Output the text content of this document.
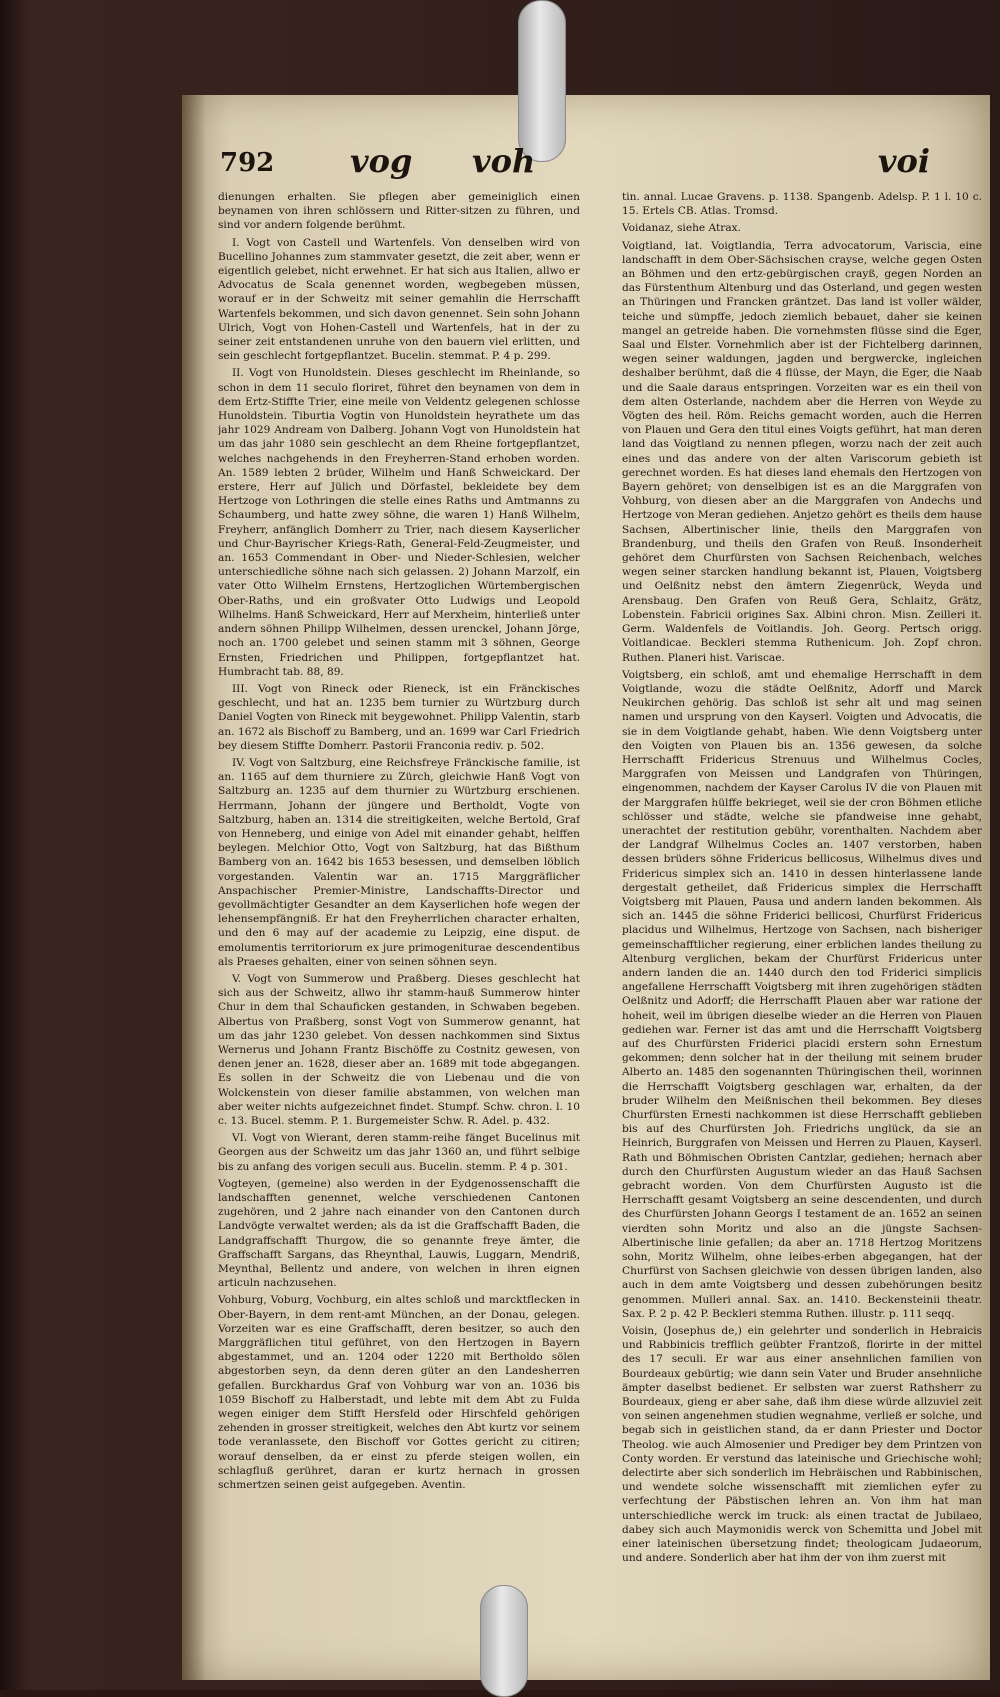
792 vog voh	voi

dienungen erhalten. Sie pflegen aber gemeiniglich einen beynamen von ihren schlössern und Ritter-sitzen zu führen, und sind vor andern folgende berühmt.

I. Vogt von Castell und Wartenfels. Von denselben wird von Bucellino Johannes zum stammvater gesetzt, die zeit aber, wenn er eigentlich gelebet, nicht erwehnet. Er hat sich aus Italien, allwo er Advocatus de Scala genennet worden, wegbegeben müssen, worauf er in der Schweitz mit seiner gemahlin die Herrschafft Wartenfels bekommen, und sich davon genennet. Sein sohn Johann Ulrich, Vogt von Hohen-Castell und Wartenfels, hat in der zu seiner zeit entstandenen unruhe von den bauern viel erlitten, und sein geschlecht fortgepflantzet. Bucelin. stemmat. P. 4 p. 299.

II. Vogt von Hunoldstein. Dieses geschlecht im Rheinlande, so schon in dem 11 seculo floriret, führet den beynamen von dem in dem Ertz-Stiffte Trier, eine meile von Veldentz gelegenen schlosse Hunoldstein. Tiburtia Vogtin von Hunoldstein heyrathete um das jahr 1029 Andream von Dalberg. Johann Vogt von Hunoldstein hat um das jahr 1080 sein geschlecht an dem Rheine fortgepflantzet, welches nachgehends in den Freyherren-Stand erhoben worden. An. 1589 lebten 2 brüder, Wilhelm und Hanß Schweickard. Der erstere, Herr auf Jülich und Dörfastel, bekleidete bey dem Hertzoge von Lothringen die stelle eines Raths und Amtmanns zu Schaumberg, und hatte zwey söhne, die waren 1) Hanß Wilhelm, Freyherr, anfänglich Domherr zu Trier, nach diesem Kayserlicher und Chur-Bayrischer Kriegs-Rath, General-Feld-Zeugmeister, und an. 1653 Commendant in Ober- und Nieder-Schlesien, welcher unterschiedliche söhne nach sich gelassen. 2) Johann Marzolf, ein vater Otto Wilhelm Ernstens, Hertzoglichen Würtembergischen Ober-Raths, und ein großvater Otto Ludwigs und Leopold Wilhelms. Hanß Schweickard, Herr auf Merxheim, hinterließ unter andern söhnen Philipp Wilhelmen, dessen urenckel, Johann Jörge, noch an. 1700 gelebet und seinen stamm mit 3 söhnen, George Ernsten, Friedrichen und Philippen, fortgepflantzet hat. Humbracht tab. 88, 89.

III. Vogt von Rineck oder Rieneck, ist ein Fränckisches geschlecht, und hat an. 1235 bem turnier zu Würtzburg durch Daniel Vogten von Rineck mit beygewohnet. Philipp Valentin, starb an. 1672 als Bischoff zu Bamberg, und an. 1699 war Carl Friedrich bey diesem Stiffte Domherr. Pastorii Franconia rediv. p. 502.

IV. Vogt von Saltzburg, eine Reichsfreye Fränckische familie, ist an. 1165 auf dem thurniere zu Zürch, gleichwie Hanß Vogt von Saltzburg an. 1235 auf dem thurnier zu Würtzburg erschienen. Herrmann, Johann der jüngere und Bertholdt, Vogte von Saltzburg, haben an. 1314 die streitigkeiten, welche Bertold, Graf von Henneberg, und einige von Adel mit einander gehabt, helffen beylegen. Melchior Otto, Vogt von Saltzburg, hat das Bißthum Bamberg von an. 1642 bis 1653 besessen, und demselben löblich vorgestanden. Valentin war an. 1715 Marggräflicher Anspachischer Premier-Ministre, Landschaffts-Director und gevollmächtigter Gesandter an dem Kayserlichen hofe wegen der lehensempfängniß. Er hat den Freyherrlichen character erhalten, und den 6 may auf der academie zu Leipzig, eine disput. de emolumentis territoriorum ex jure primogeniturae descendentibus als Praeses gehalten, einer von seinen söhnen seyn.

V. Vogt von Summerow und Praßberg. Dieses geschlecht hat sich aus der Schweitz, allwo ihr stamm-hauß Summerow hinter Chur in dem thal Schauficken gestanden, in Schwaben begeben. Albertus von Praßberg, sonst Vogt von Summerow genannt, hat um das jahr 1230 gelebet. Von dessen nachkommen sind Sixtus Wernerus und Johann Frantz Bischöffe zu Costnitz gewesen, von denen jener an. 1628, dieser aber an. 1689 mit tode abgegangen. Es sollen in der Schweitz die von Liebenau und die von Wolckenstein von dieser familie abstammen, von welchen man aber weiter nichts aufgezeichnet findet. Stumpf. Schw. chron. l. 10 c. 13. Bucel. stemm. P. 1. Burgemeister Schw. R. Adel. p. 432.

VI. Vogt von Wierant, deren stamm-reihe fänget Bucelinus mit Georgen aus der Schweitz um das jahr 1360 an, und führt selbige bis zu anfang des vorigen seculi aus. Bucelin. stemm. P. 4 p. 301.

Vogteyen, (gemeine) also werden in der Eydgenossenschafft die landschafften genennet, welche verschiedenen Cantonen zugehören, und 2 jahre nach einander von den Cantonen durch Landvögte verwaltet werden; als da ist die Graffschafft Baden, die Landgraffschafft Thurgow, die so genannte freye ämter, die Graffschafft Sargans, das Rheynthal, Lauwis, Luggarn, Mendriß, Meynthal, Bellentz und andere, von welchen in ihren eignen articuln nachzusehen.

Vohburg, Voburg, Vochburg, ein altes schloß und marcktflecken in Ober-Bayern, in dem rent-amt München, an der Donau, gelegen. Vorzeiten war es eine Graffschafft, deren besitzer, so auch den Marggräflichen titul geführet, von den Hertzogen in Bayern abgestammet, und an. 1204 oder 1220 mit Bertholdo sölen abgestorben seyn, da denn deren güter an den Landesherren gefallen. Burckhardus Graf von Vohburg war von an. 1036 bis 1059 Bischoff zu Halberstadt, und lebte mit dem Abt zu Fulda wegen einiger dem Stifft Hersfeld oder Hirschfeld gehörigen zehenden in grosser streitigkeit, welches den Abt kurtz vor seinem tode veranlassete, den Bischoff vor Gottes gericht zu citiren; worauf denselben, da er einst zu pferde steigen wollen, ein schlagfluß gerühret, daran er kurtz hernach in grossen schmertzen seinen geist aufgegeben. Aventin.

tin. annal. Lucae Gravens. p. 1138. Spangenb. Adelsp. P. 1 l. 10 c. 15. Ertels CB. Atlas. Tromsd.

Voidanaz, siehe Atrax.

Voigtland, lat. Voigtlandia, Terra advocatorum, Variscia, eine landschafft in dem Ober-Sächsischen crayse, welche gegen Osten an Böhmen und den ertz-gebürgischen crayß, gegen Norden an das Fürstenthum Altenburg und das Osterland, und gegen westen an Thüringen und Francken gräntzet. Das land ist voller wälder, teiche und sümpffe, jedoch ziemlich bebauet, daher sie keinen mangel an getreide haben. Die vornehmsten flüsse sind die Eger, Saal und Elster. Vornehmlich aber ist der Fichtelberg darinnen, wegen seiner waldungen, jagden und bergwercke, ingleichen deshalber berühmt, daß die 4 flüsse, der Mayn, die Eger, die Naab und die Saale daraus entspringen. Vorzeiten war es ein theil von dem alten Osterlande, nachdem aber die Herren von Weyde zu Vögten des heil. Röm. Reichs gemacht worden, auch die Herren von Plauen und Gera den titul eines Voigts geführt, hat man deren land das Voigtland zu nennen pflegen, worzu nach der zeit auch eines und das andere von der alten Variscorum gebieth ist gerechnet worden. Es hat dieses land ehemals den Hertzogen von Bayern gehöret; von denselbigen ist es an die Marggrafen von Vohburg, von diesen aber an die Marggrafen von Andechs und Hertzoge von Meran gediehen. Anjetzo gehört es theils dem hause Sachsen, Albertinischer linie, theils den Marggrafen von Brandenburg, und theils den Grafen von Reuß. Insonderheit gehöret dem Churfürsten von Sachsen Reichenbach, welches wegen seiner starcken handlung bekannt ist, Plauen, Voigtsberg und Oelßnitz nebst den ämtern Ziegenrück, Weyda und Arensbaug. Den Grafen von Reuß Gera, Schlaitz, Grätz, Lobenstein. Fabricii origines Sax. Albini chron. Misn. Zeilleri it. Germ. Waldenfels de Voitlandis. Joh. Georg. Pertsch origg. Voitlandicae. Beckleri stemma Ruthenicum. Joh. Zopf chron. Ruthen. Planeri hist. Variscae.

Voigtsberg, ein schloß, amt und ehemalige Herrschafft in dem Voigtlande, wozu die städte Oelßnitz, Adorff und Marck Neukirchen gehörig. Das schloß ist sehr alt und mag seinen namen und ursprung von den Kayserl. Voigten und Advocatis, die sie in dem Voigtlande gehabt, haben. Wie denn Voigtsberg unter den Voigten von Plauen bis an. 1356 gewesen, da solche Herrschafft Fridericus Strenuus und Wilhelmus Cocles, Marggrafen von Meissen und Landgrafen von Thüringen, eingenommen, nachdem der Kayser Carolus IV die von Plauen mit der Marggrafen hülffe bekrieget, weil sie der cron Böhmen etliche schlösser und städte, welche sie pfandweise inne gehabt, unerachtet der restitution gebühr, vorenthalten. Nachdem aber der Landgraf Wilhelmus Cocles an. 1407 verstorben, haben dessen brüders söhne Fridericus bellicosus, Wilhelmus dives und Fridericus simplex sich an. 1410 in dessen hinterlassene lande dergestalt getheilet, daß Fridericus simplex die Herrschafft Voigtsberg mit Plauen, Pausa und andern landen bekommen. Als sich an. 1445 die söhne Friderici bellicosi, Churfürst Fridericus placidus und Wilhelmus, Hertzoge von Sachsen, nach bisheriger gemeinschafftlicher regierung, einer erblichen landes theilung zu Altenburg verglichen, bekam der Churfürst Fridericus unter andern landen die an. 1440 durch den tod Friderici simplicis angefallene Herrschafft Voigtsberg mit ihren zugehörigen städten Oelßnitz und Adorff; die Herrschafft Plauen aber war ratione der hoheit, weil im übrigen dieselbe wieder an die Herren von Plauen gediehen war. Ferner ist das amt und die Herrschafft Voigtsberg auf des Churfürsten Friderici placidi erstern sohn Ernestum gekommen; denn solcher hat in der theilung mit seinem bruder Alberto an. 1485 den sogenannten Thüringischen theil, worinnen die Herrschafft Voigtsberg geschlagen war, erhalten, da der bruder Wilhelm den Meißnischen theil bekommen. Bey dieses Churfürsten Ernesti nachkommen ist diese Herrschafft geblieben bis auf des Churfürsten Joh. Friedrichs unglück, da sie an Heinrich, Burggrafen von Meissen und Herren zu Plauen, Kayserl. Rath und Böhmischen Obristen Cantzlar, gediehen; hernach aber durch den Churfürsten Augustum wieder an das Hauß Sachsen gebracht worden. Von dem Churfürsten Augusto ist die Herrschafft gesamt Voigtsberg an seine descendenten, und durch des Churfürsten Johann Georgs I testament de an. 1652 an seinen vierdten sohn Moritz und also an die jüngste Sachsen-Albertinische linie gefallen; da aber an. 1718 Hertzog Moritzens sohn, Moritz Wilhelm, ohne leibes-erben abgegangen, hat der Churfürst von Sachsen gleichwie von dessen übrigen landen, also auch in dem amte Voigtsberg und dessen zubehörungen besitz genommen. Mulleri annal. Sax. an. 1410. Beckensteinii theatr. Sax. P. 2 p. 42 P. Beckleri stemma Ruthen. illustr. p. 111 seqq.

Voisin, (Josephus de,) ein gelehrter und sonderlich in Hebraicis und Rabbinicis trefflich geübter Frantzoß, florirte in der mittel des 17 seculi. Er war aus einer ansehnlichen familien von Bourdeaux gebürtig; wie dann sein Vater und Bruder ansehnliche ämpter daselbst bedienet. Er selbsten war zuerst Rathsherr zu Bourdeaux, gieng er aber sahe, daß ihm diese würde allzuviel zeit von seinen angenehmen studien wegnahme, verließ er solche, und begab sich in geistlichen stand, da er dann Priester und Doctor Theolog. wie auch Almosenier und Prediger bey dem Printzen von Conty worden. Er verstund das lateinische und Griechische wohl; delectirte aber sich sonderlich im Hebräischen und Rabbinischen, und wendete solche wissenschafft mit ziemlichen eyfer zu verfechtung der Päbstischen lehren an. Von ihm hat man unterschiedliche werck im truck: als einen tractat de Jubilaeo, dabey sich auch Maymonidis werck von Schemitta und Jobel mit einer lateinischen übersetzung findet; theologicam Judaeorum, und andere. Sonderlich aber hat ihm der von ihm zuerst mit
